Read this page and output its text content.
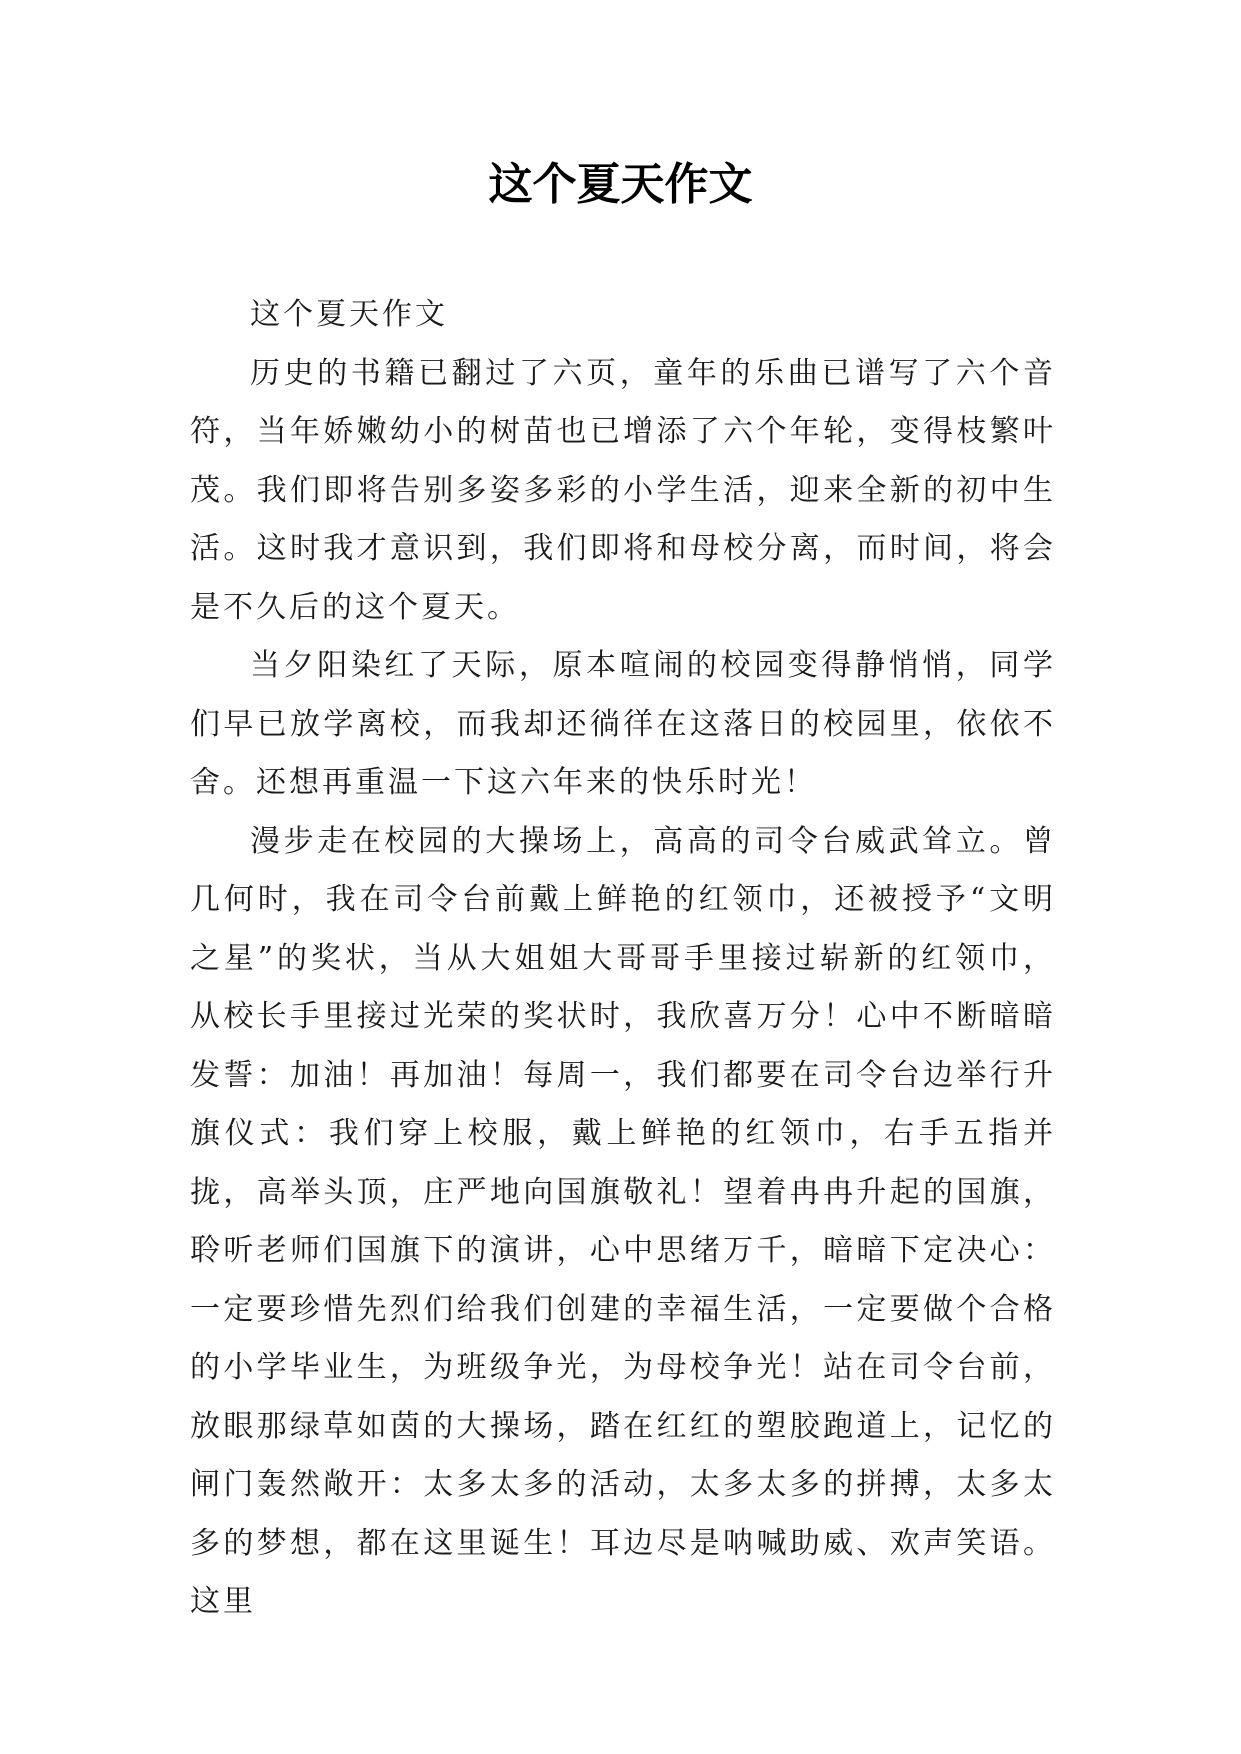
这个夏天作文

这个夏天作文

历史的书籍已翻过了六页，童年的乐曲已谱写了六个音符，当年娇嫩幼小的树苗也已增添了六个年轮，变得枝繁叶茂。我们即将告别多姿多彩的小学生活，迎来全新的初中生活。这时我才意识到，我们即将和母校分离，而时间，将会是不久后的这个夏天。

当夕阳染红了天际，原本喧闹的校园变得静悄悄，同学们早已放学离校，而我却还徜徉在这落日的校园里，依依不舍。还想再重温一下这六年来的快乐时光！

漫步走在校园的大操场上，高高的司令台威武耸立。曾几何时，我在司令台前戴上鲜艳的红领巾，还被授予“文明之星”的奖状，当从大姐姐大哥哥手里接过崭新的红领巾，从校长手里接过光荣的奖状时，我欣喜万分！心中不断暗暗发誓：加油！再加油！每周一，我们都要在司令台边举行升旗仪式：我们穿上校服，戴上鲜艳的红领巾，右手五指并拢，高举头顶，庄严地向国旗敬礼！望着冉冉升起的国旗，聆听老师们国旗下的演讲，心中思绪万千，暗暗下定决心：一定要珍惜先烈们给我们创建的幸福生活，一定要做个合格的小学毕业生，为班级争光，为母校争光！站在司令台前，放眼那绿草如茵的大操场，踏在红红的塑胶跑道上，记忆的闸门轰然敞开：太多太多的活动，太多太多的拼搏，太多太多的梦想，都在这里诞生！耳边尽是呐喊助威、欢声笑语。这里
